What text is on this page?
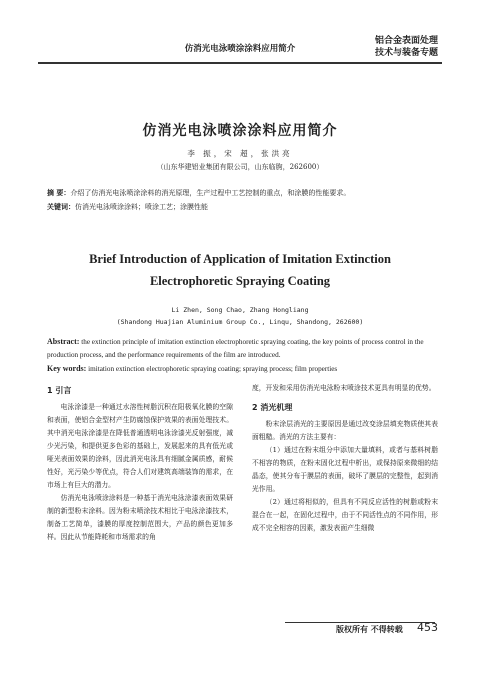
仿消光电泳喷涂涂料应用简介
铝合金表面处理
技术与装备专题
仿消光电泳喷涂涂料应用简介
李 振，宋 超，张洪亮
（山东华建铝业集团有限公司，山东临朐，262600）
摘 要：介绍了仿消光电泳喷涂涂料的消光原理，生产过程中工艺控制的重点，和涂膜的性能要求。
关键词：仿消光电泳喷涂涂料；喷涂工艺；涂膜性能
Brief Introduction of Application of Imitation Extinction Electrophoretic Spraying Coating
Li Zhen, Song Chao, Zhang Hongliang
(Shandong Huajian Aluminium Group Co., Linqu, Shandong, 262600)
Abstract: the extinction principle of imitation extinction electrophoretic spraying coating, the key points of process control in the production process, and the performance requirements of the film are introduced.
Key words: imitation extinction electrophoretic spraying coating; spraying process; film properties
1 引言

电泳涂漆是一种通过水溶性树脂沉积在阳极氧化膜的空隙和表面，使铝合金型材产生防腐蚀保护效果的表面处理技术。其中消光电泳涂漆是在降低普通透明电泳涂漆光反射强度，减少光污染，和提供更多色彩的基础上，发展起来的具有低光或哑光表面效果的涂料，因此消光电泳具有细腻金属质感，耐候性好，光污染少等优点，符合人们对建筑高端装饰的需求，在市场上有巨大的潜力。

仿消光电泳喷涂涂料是一种基于消光电泳涂漆表面效果研制的新型粉末涂料。因为粉末喷涂技术相比于电泳涂漆技术，制备工艺简单，漆膜的厚度控制范围大，产品的颜色更加多样。因此从节能降耗和市场需求的角

度，开发和采用仿消光电泳粉末喷涂技术更具有明显的优势。

2 消光机理

粉末涂层消光的主要原因是通过改变涂层填充物质使其表面粗糙。消光的方法主要有：

（1）通过在粉末组分中添加大量填料，或者与基料树脂不相容的物质，在粉末固化过程中析出，或保持原来微细的结晶态，使其分布于膜层的表面，破坏了膜层的完整性，起到消光作用。

（2）通过将相似的，但具有不同反应活性的树脂或粉末混合在一起，在固化过程中，由于不同活性点的不同作用，形成不完全相容的因素，激发表面产生细微

版权所有 不得转载 453
